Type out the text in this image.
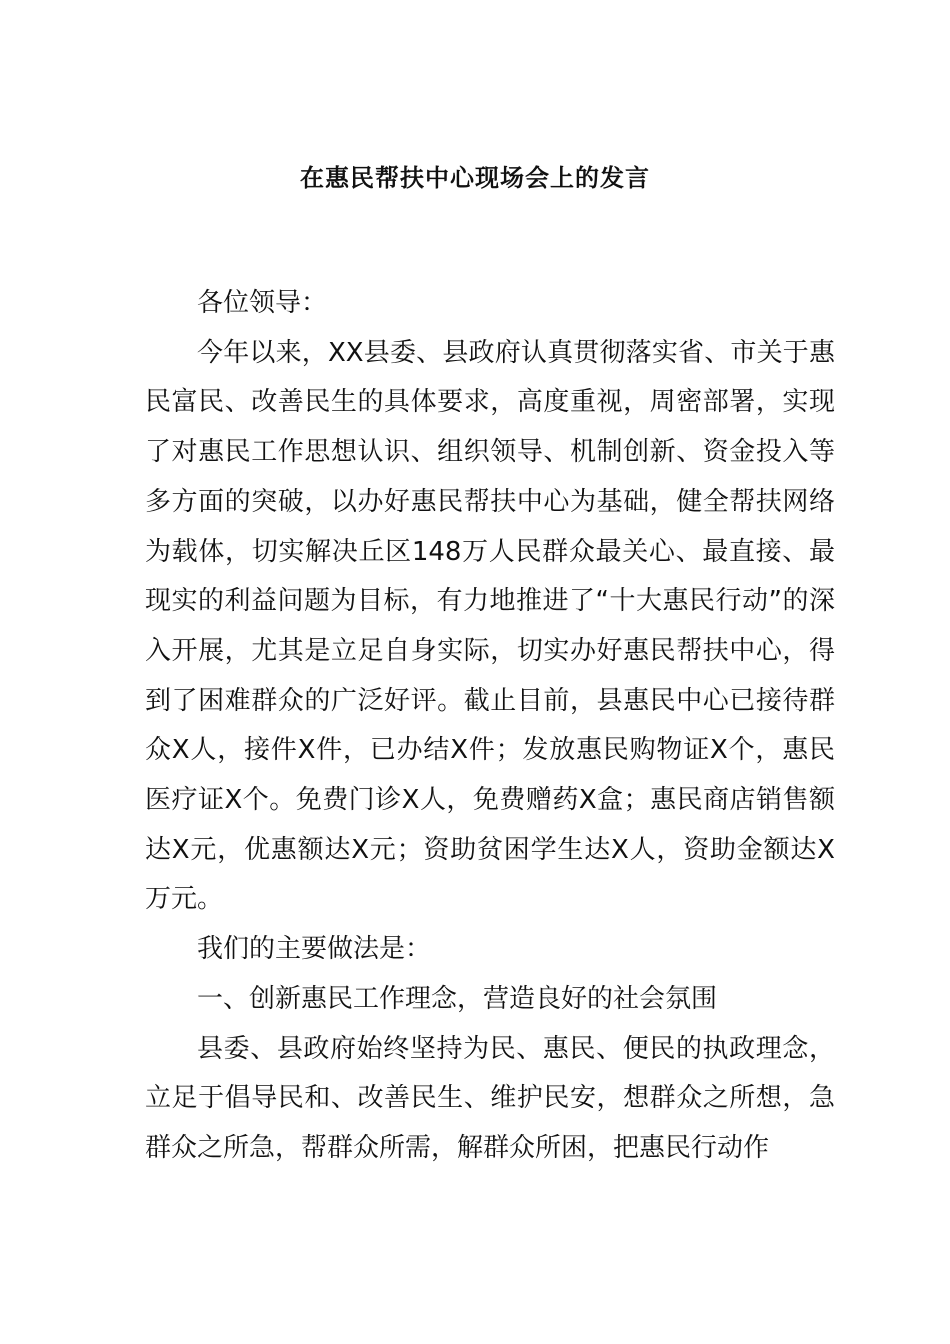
在惠民帮扶中心现场会上的发言

各位领导：

今年以来，XX县委、县政府认真贯彻落实省、市关于惠民富民、改善民生的具体要求，高度重视，周密部署，实现了对惠民工作思想认识、组织领导、机制创新、资金投入等多方面的突破，以办好惠民帮扶中心为基础，健全帮扶网络为载体，切实解决丘区148万人民群众最关心、最直接、最现实的利益问题为目标，有力地推进了“十大惠民行动”的深入开展，尤其是立足自身实际，切实办好惠民帮扶中心，得到了困难群众的广泛好评。截止目前，县惠民中心已接待群众X人，接件X件，已办结X件；发放惠民购物证X个，惠民医疗证X个。免费门诊X人，免费赠药X盒；惠民商店销售额达X元，优惠额达X元；资助贫困学生达X人，资助金额达X万元。

我们的主要做法是：

一、创新惠民工作理念，营造良好的社会氛围

县委、县政府始终坚持为民、惠民、便民的执政理念，立足于倡导民和、改善民生、维护民安，想群众之所想，急群众之所急，帮群众所需，解群众所困，把惠民行动作
